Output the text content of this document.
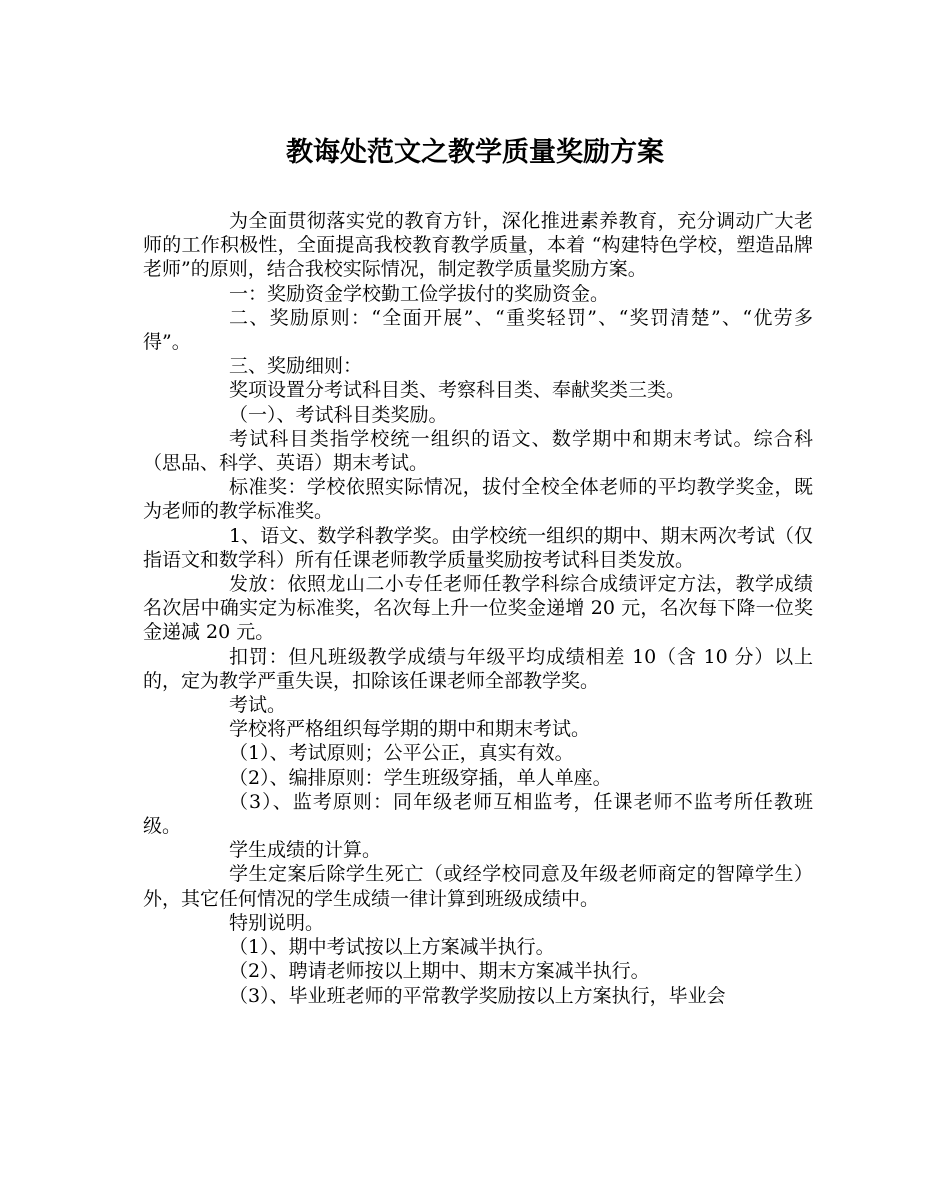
教诲处范文之教学质量奖励方案

为全面贯彻落实党的教育方针，深化推进素养教育，充分调动广大老师的工作积极性，全面提高我校教育教学质量，本着 “构建特色学校，塑造品牌老师”的原则，结合我校实际情况，制定教学质量奖励方案。

一：奖励资金学校勤工俭学拔付的奖励资金。

二、奖励原则：“全面开展”、“重奖轻罚”、“奖罚清楚”、“优劳多得”。

三、奖励细则：

奖项设置分考试科目类、考察科目类、奉献奖类三类。

（一）、考试科目类奖励。

考试科目类指学校统一组织的语文、数学期中和期末考试。综合科（思品、科学、英语）期末考试。

标准奖：学校依照实际情况，拔付全校全体老师的平均教学奖金，既为老师的教学标准奖。

1、语文、数学科教学奖。由学校统一组织的期中、期末两次考试（仅指语文和数学科）所有任课老师教学质量奖励按考试科目类发放。

发放：依照龙山二小专任老师任教学科综合成绩评定方法，教学成绩名次居中确实定为标准奖，名次每上升一位奖金递增 20 元，名次每下降一位奖金递减 20 元。

扣罚：但凡班级教学成绩与年级平均成绩相差 10（含 10 分）以上的，定为教学严重失误，扣除该任课老师全部教学奖。

考试。

学校将严格组织每学期的期中和期末考试。

（1）、考试原则；公平公正，真实有效。

（2）、编排原则：学生班级穿插，单人单座。

（3）、监考原则：同年级老师互相监考，任课老师不监考所任教班级。

学生成绩的计算。

学生定案后除学生死亡（或经学校同意及年级老师商定的智障学生）外，其它任何情况的学生成绩一律计算到班级成绩中。

特别说明。

（1）、期中考试按以上方案减半执行。

（2）、聘请老师按以上期中、期末方案减半执行。

（3）、毕业班老师的平常教学奖励按以上方案执行，毕业会
